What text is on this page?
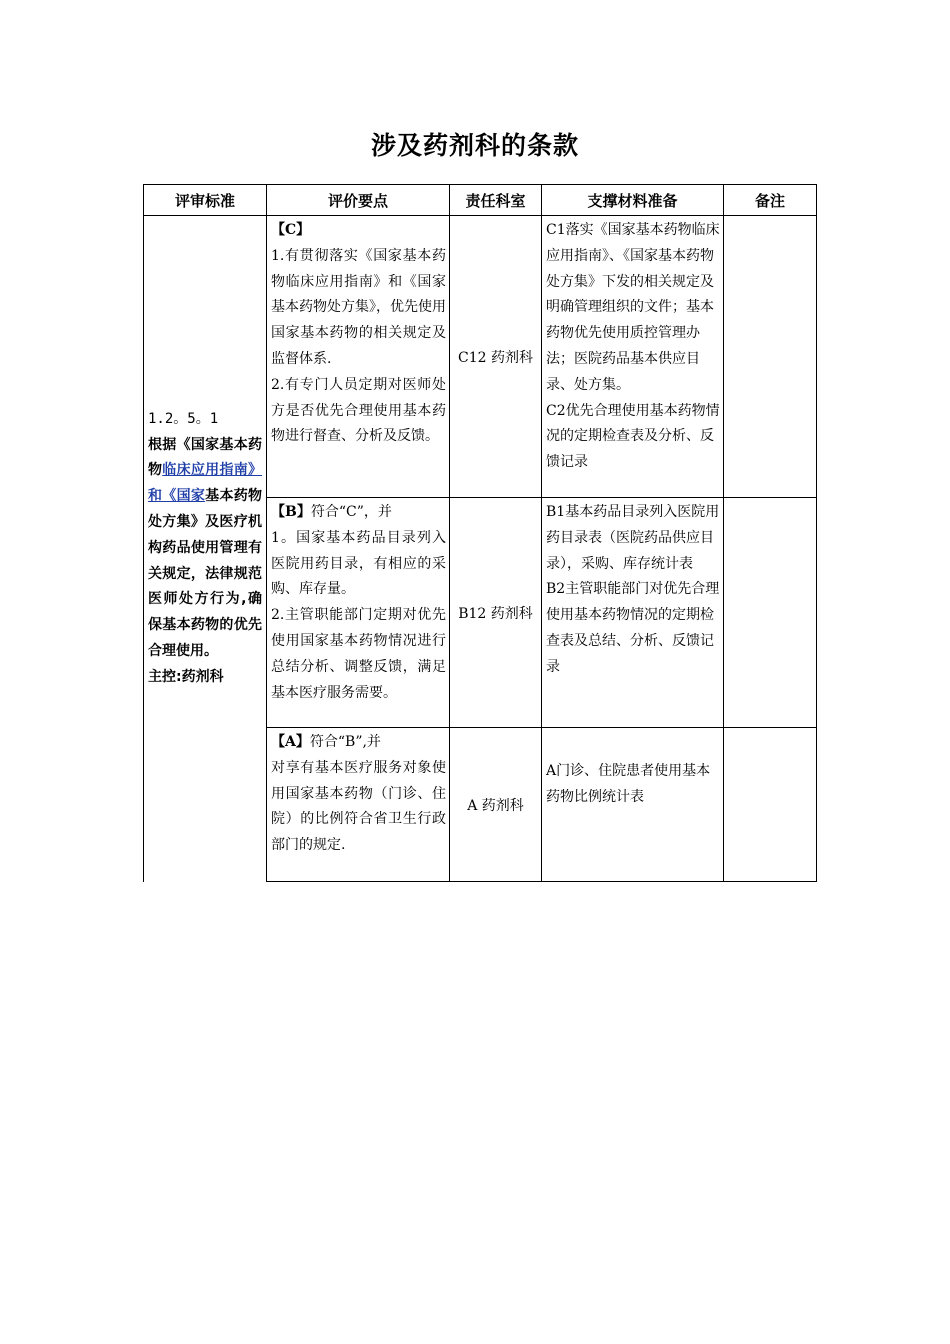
涉及药剂科的条款
评审标准	评价要点	责任科室	支撑材料准备	备注

1.2。5。1
根据《国家基本药物临床应用指南》和《国家基本药物处方集》及医疗机构药品使用管理有关规定，法律规范医师处方行为,确保基本药物的优先合理使用。
主控:药剂科	【C】
1.有贯彻落实《国家基本药物临床应用指南》和《国家基本药物处方集》，优先使用国家基本药物的相关规定及监督体系.
2.有专门人员定期对医师处方是否优先合理使用基本药物进行督查、分析及反馈。	C12 药剂科	C1落实《国家基本药物临床应用指南》、《国家基本药物处方集》下发的相关规定及明确管理组织的文件；基本药物优先使用质控管理办法；医院药品基本供应目录、处方集。
C2优先合理使用基本药物情况的定期检查表及分析、反馈记录	

	【B】符合“C”，并
1。国家基本药品目录列入医院用药目录，有相应的采购、库存量。
2.主管职能部门定期对优先使用国家基本药物情况进行总结分析、调整反馈，满足基本医疗服务需要。	B12 药剂科	B1基本药品目录列入医院用药目录表（医院药品供应目录），采购、库存统计表
B2主管职能部门对优先合理使用基本药物情况的定期检查表及总结、分析、反馈记录	

	【A】符合“B”,并
对享有基本医疗服务对象使用国家基本药物（门诊、住院）的比例符合省卫生行政部门的规定.	A 药剂科	A门诊、住院患者使用基本药物比例统计表	
